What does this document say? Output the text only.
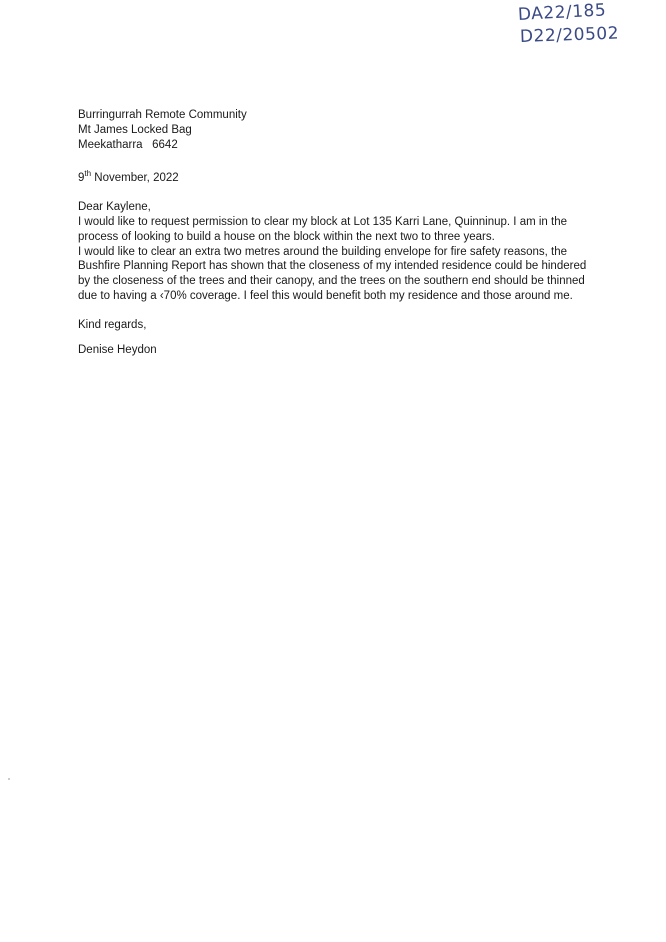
DA22/185
D22/20502
Burringurrah Remote Community
Mt James Locked Bag
Meekatharra   6642
9th November, 2022
Dear Kaylene,
I would like to request permission to clear my block at Lot 135 Karri Lane, Quinninup. I am in the
process of looking to build a house on the block within the next two to three years.
I would like to clear an extra two metres around the building envelope for fire safety reasons, the
Bushfire Planning Report has shown that the closeness of my intended residence could be hindered
by the closeness of the trees and their canopy, and the trees on the southern end should be thinned
due to having a ‹70% coverage. I feel this would benefit both my residence and those around me.
Kind regards,
Denise Heydon
